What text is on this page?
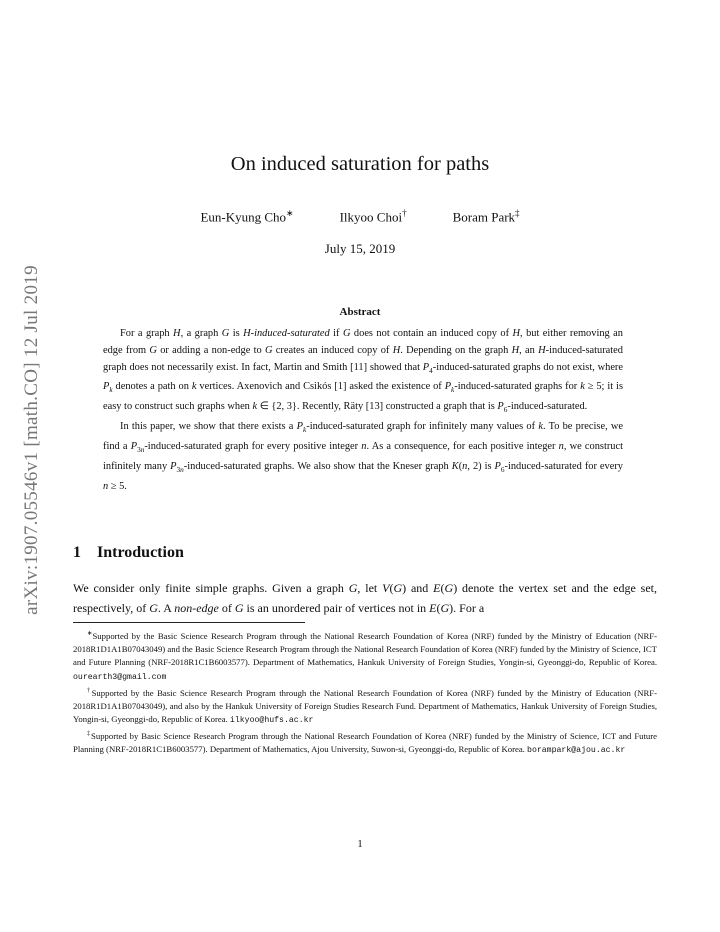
arXiv:1907.05546v1 [math.CO] 12 Jul 2019
On induced saturation for paths
Eun-Kyung Cho∗	Ilkyoo Choi†	Boram Park‡
July 15, 2019
Abstract

For a graph H, a graph G is H-induced-saturated if G does not contain an induced copy of H, but either removing an edge from G or adding a non-edge to G creates an induced copy of H. Depending on the graph H, an H-induced-saturated graph does not necessarily exist. In fact, Martin and Smith [11] showed that $P_4-induced$-saturated graphs do not exist, where $P_k$ denotes a path on k vertices. Axenovich and Csikós [1] asked the existence of $P_k-induced$-saturated graphs for k ≥ 5; it is easy to construct such graphs when k ∈ {2, 3}. Recently, Räty [13] constructed a graph that is $P_6-induced$-saturated.

In this paper, we show that there exists a $P_k-induced$-saturated graph for infinitely many values of k. To be precise, we find a $P_{3n}-induced$-saturated graph for every positive integer n. As a consequence, for each positive integer n, we construct infinitely many $P_{3n}-induced$-saturated graphs. We also show that the Kneser graph K(n, 2) is $P_6-induced$-saturated for every n ≥ 5.

1 Introduction

We consider only finite simple graphs. Given a graph G, let V(G) and E(G) denote the vertex set and the edge set, respectively, of G. A non-edge of G is an unordered pair of vertices not in E(G). For a

∗Supported by the Basic Science Research Program through the National Research Foundation of Korea (NRF) funded by the Ministry of Education (NRF-2018R1D1A1B07043049) and the Basic Science Research Program through the National Research Foundation of Korea (NRF) funded by the Ministry of Science, ICT and Future Planning (NRF-2018R1C1B6003577). Department of Mathematics, Hankuk University of Foreign Studies, Yongin-si, Gyeonggi-do, Republic of Korea. ourearth3@gmail.com

†Supported by the Basic Science Research Program through the National Research Foundation of Korea (NRF) funded by the Ministry of Education (NRF-2018R1D1A1B07043049), and also by the Hankuk University of Foreign Studies Research Fund. Department of Mathematics, Hankuk University of Foreign Studies, Yongin-si, Gyeonggi-do, Republic of Korea. ilkyoo@hufs.ac.kr

‡Supported by Basic Science Research Program through the National Research Foundation of Korea (NRF) funded by the Ministry of Science, ICT and Future Planning (NRF-2018R1C1B6003577). Department of Mathematics, Ajou University, Suwon-si, Gyeonggi-do, Republic of Korea. borampark@ajou.ac.kr

1
